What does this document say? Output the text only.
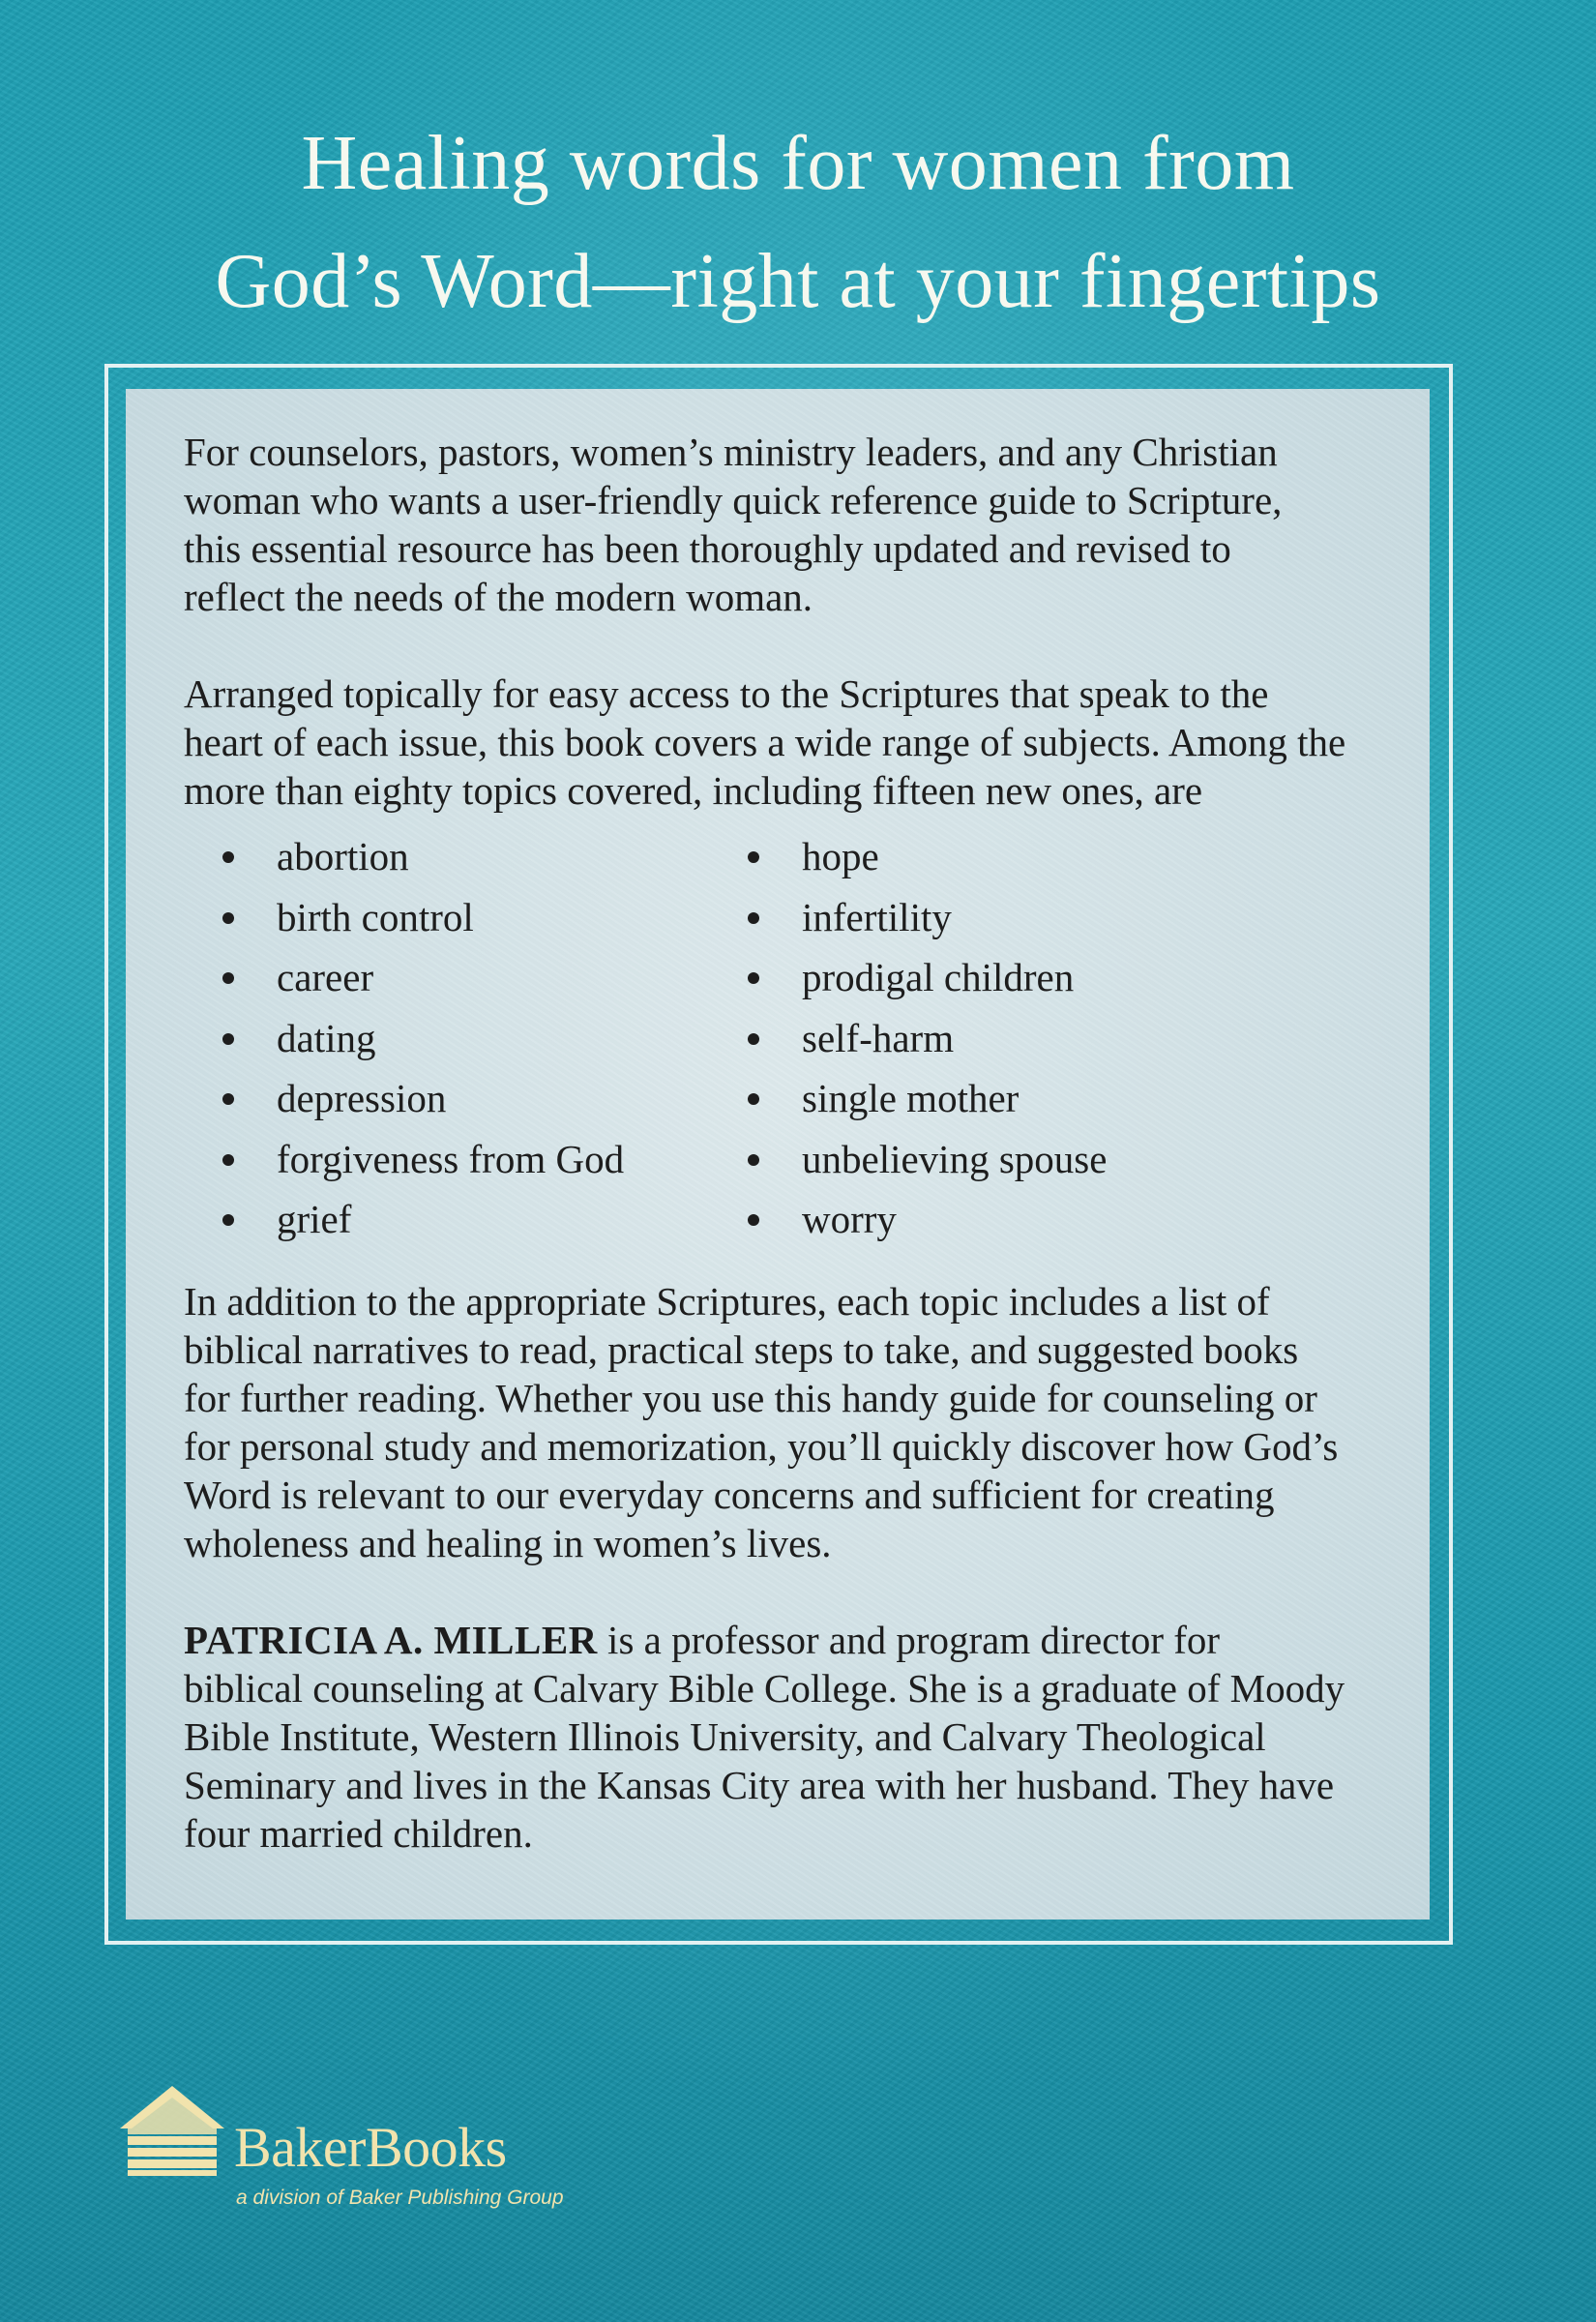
Healing words for women from
God’s Word—right at your fingertips

For counselors, pastors, women’s ministry leaders, and any Christian
woman who wants a user-friendly quick reference guide to Scripture,
this essential resource has been thoroughly updated and revised to
reflect the needs of the modern woman.

Arranged topically for easy access to the Scriptures that speak to the
heart of each issue, this book covers a wide range of subjects. Among the
more than eighty topics covered, including fifteen new ones, are

abortion
birth control
career
dating
depression
forgiveness from God
grief
hope
infertility
prodigal children
self-harm
single mother
unbelieving spouse
worry

In addition to the appropriate Scriptures, each topic includes a list of
biblical narratives to read, practical steps to take, and suggested books
for further reading. Whether you use this handy guide for counseling or
for personal study and memorization, you’ll quickly discover how God’s
Word is relevant to our everyday concerns and sufficient for creating
wholeness and healing in women’s lives.

PATRICIA A. MILLER is a professor and program director for
biblical counseling at Calvary Bible College. She is a graduate of Moody
Bible Institute, Western Illinois University, and Calvary Theological
Seminary and lives in the Kansas City area with her husband. They have
four married children.

BakerBooks
a division of Baker Publishing Group
